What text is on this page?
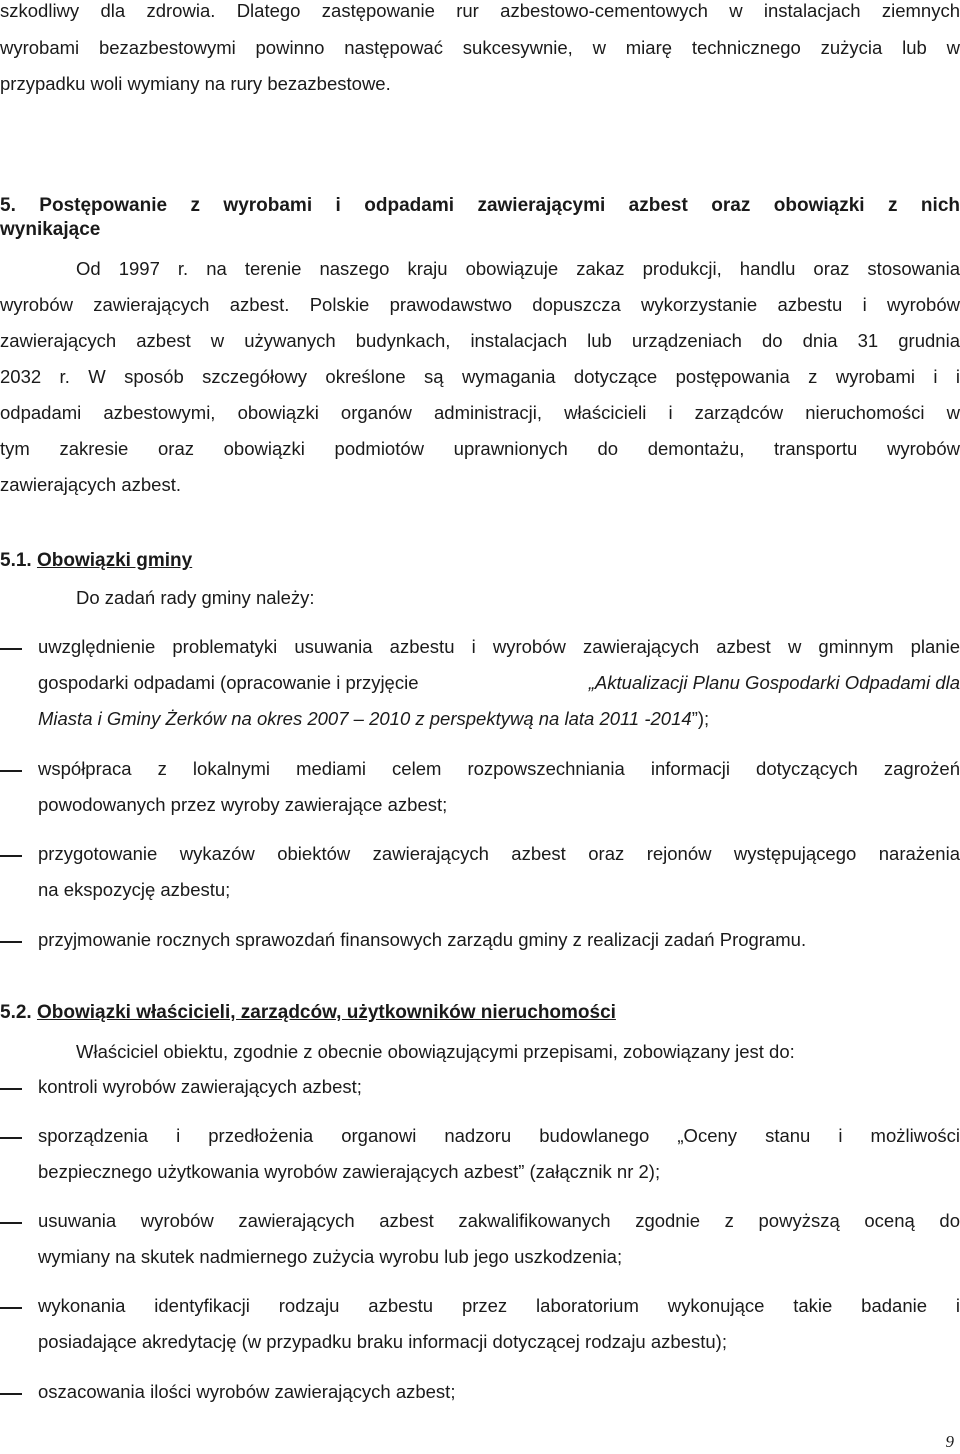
szkodliwy dla zdrowia. Dlatego zastępowanie rur azbestowo-cementowych w instalacjach ziemnych
wyrobami bezazbestowymi powinno następować sukcesywnie, w miarę technicznego zużycia lub w
przypadku woli wymiany na rury bezazbestowe.
5. Postępowanie z wyrobami i odpadami zawierającymi azbest oraz obowiązki z nich
wynikające
Od 1997 r. na terenie naszego kraju obowiązuje zakaz produkcji, handlu oraz stosowania
wyrobów zawierających azbest. Polskie prawodawstwo dopuszcza wykorzystanie azbestu i wyrobów
zawierających azbest w używanych budynkach, instalacjach lub urządzeniach do dnia 31 grudnia
2032 r. W sposób szczegółowy określone są wymagania dotyczące postępowania z wyrobami i i
odpadami azbestowymi, obowiązki organów administracji, właścicieli i zarządców nieruchomości w
tym zakresie oraz obowiązki podmiotów uprawnionych do demontażu, transportu wyrobów
zawierających azbest.
5.1. Obowiązki gminy
Do zadań rady gminy należy:
uwzględnienie problematyki usuwania azbestu i wyrobów zawierających azbest w gminnym planie
gospodarki odpadami (opracowanie i przyjęcie	„Aktualizacji Planu Gospodarki Odpadami dla
Miasta i Gminy Żerków na okres 2007 – 2010 z perspektywą na lata 2011 -2014”);
współpraca z lokalnymi mediami celem rozpowszechniania informacji dotyczących zagrożeń
powodowanych przez wyroby zawierające azbest;
przygotowanie wykazów obiektów zawierających azbest oraz rejonów występującego narażenia
na ekspozycję azbestu;
przyjmowanie rocznych sprawozdań finansowych zarządu gminy z realizacji zadań Programu.
5.2. Obowiązki właścicieli, zarządców, użytkowników nieruchomości
Właściciel obiektu, zgodnie z obecnie obowiązującymi przepisami, zobowiązany jest do:
kontroli wyrobów zawierających azbest;
sporządzenia i przedłożenia organowi nadzoru budowlanego „Oceny stanu i możliwości
bezpiecznego użytkowania wyrobów zawierających azbest” (załącznik nr 2);
usuwania wyrobów zawierających azbest zakwalifikowanych zgodnie z powyższą oceną do
wymiany na skutek nadmiernego zużycia wyrobu lub jego uszkodzenia;
wykonania identyfikacji rodzaju azbestu przez laboratorium wykonujące takie badanie i
posiadające akredytację (w przypadku braku informacji dotyczącej rodzaju azbestu);
oszacowania ilości wyrobów zawierających azbest;
9
